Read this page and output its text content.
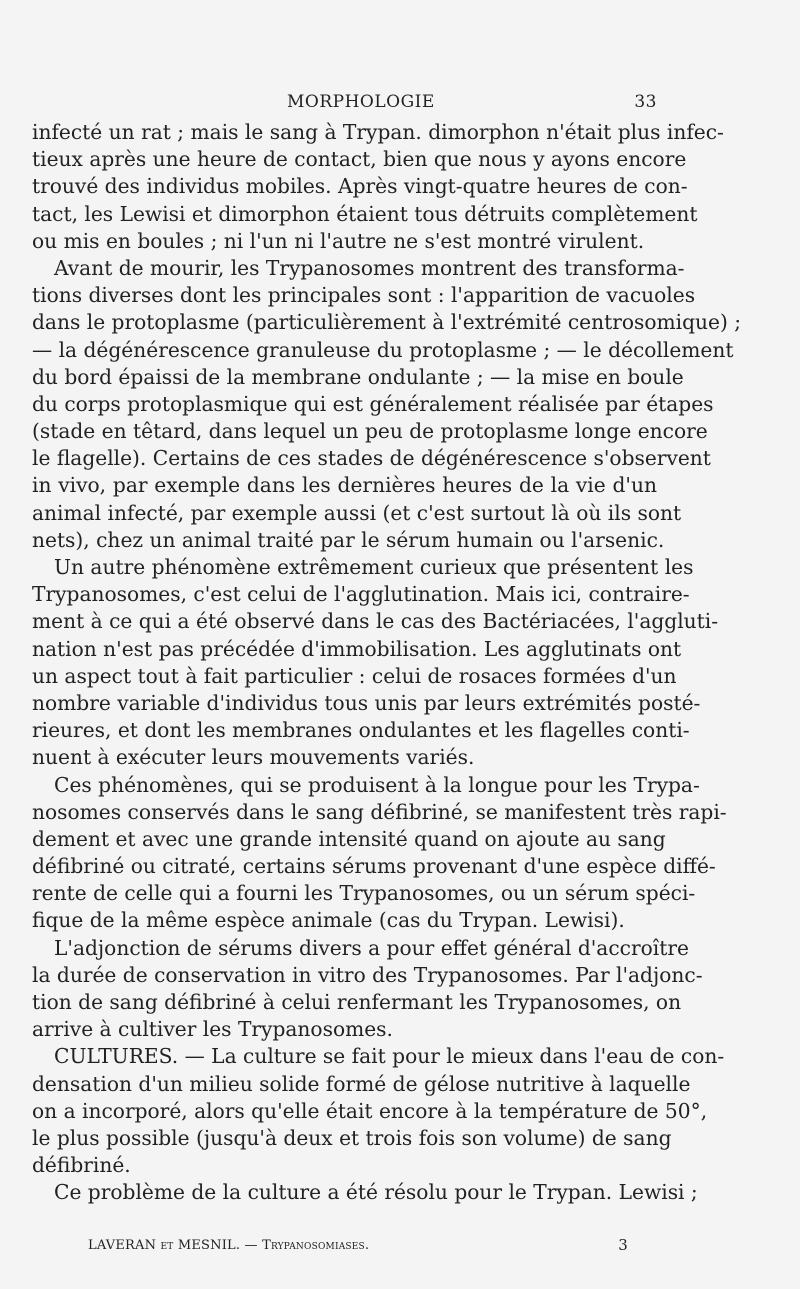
MORPHOLOGIE	33
infecté un rat ; mais le sang à Trypan. dimorphon n'était plus infec-
tieux après une heure de contact, bien que nous y ayons encore
trouvé des individus mobiles. Après vingt-quatre heures de con-
tact, les Lewisi et dimorphon étaient tous détruits complètement
ou mis en boules ; ni l'un ni l'autre ne s'est montré virulent.
Avant de mourir, les Trypanosomes montrent des transforma-
tions diverses dont les principales sont : l'apparition de vacuoles
dans le protoplasme (particulièrement à l'extrémité centrosomique) ;
— la dégénérescence granuleuse du protoplasme ; — le décollement
du bord épaissi de la membrane ondulante ; — la mise en boule
du corps protoplasmique qui est généralement réalisée par étapes
(stade en têtard, dans lequel un peu de protoplasme longe encore
le flagelle). Certains de ces stades de dégénérescence s'observent
in vivo, par exemple dans les dernières heures de la vie d'un
animal infecté, par exemple aussi (et c'est surtout là où ils sont
nets), chez un animal traité par le sérum humain ou l'arsenic.
Un autre phénomène extrêmement curieux que présentent les
Trypanosomes, c'est celui de l'agglutination. Mais ici, contraire-
ment à ce qui a été observé dans le cas des Bactériacées, l'aggluti-
nation n'est pas précédée d'immobilisation. Les agglutinats ont
un aspect tout à fait particulier : celui de rosaces formées d'un
nombre variable d'individus tous unis par leurs extrémités posté-
rieures, et dont les membranes ondulantes et les flagelles conti-
nuent à exécuter leurs mouvements variés.
Ces phénomènes, qui se produisent à la longue pour les Trypa-
nosomes conservés dans le sang défibriné, se manifestent très rapi-
dement et avec une grande intensité quand on ajoute au sang
défibriné ou citraté, certains sérums provenant d'une espèce diffé-
rente de celle qui a fourni les Trypanosomes, ou un sérum spéci-
fique de la même espèce animale (cas du Trypan. Lewisi).
L'adjonction de sérums divers a pour effet général d'accroître
la durée de conservation in vitro des Trypanosomes. Par l'adjonc-
tion de sang défibriné à celui renfermant les Trypanosomes, on
arrive à cultiver les Trypanosomes.
CULTURES. — La culture se fait pour le mieux dans l'eau de con-
densation d'un milieu solide formé de gélose nutritive à laquelle
on a incorporé, alors qu'elle était encore à la température de 50°,
le plus possible (jusqu'à deux et trois fois son volume) de sang
défibriné.
Ce problème de la culture a été résolu pour le Trypan. Lewisi ;
LAVERAN et MESNIL. — Trypanosomiases.	3
